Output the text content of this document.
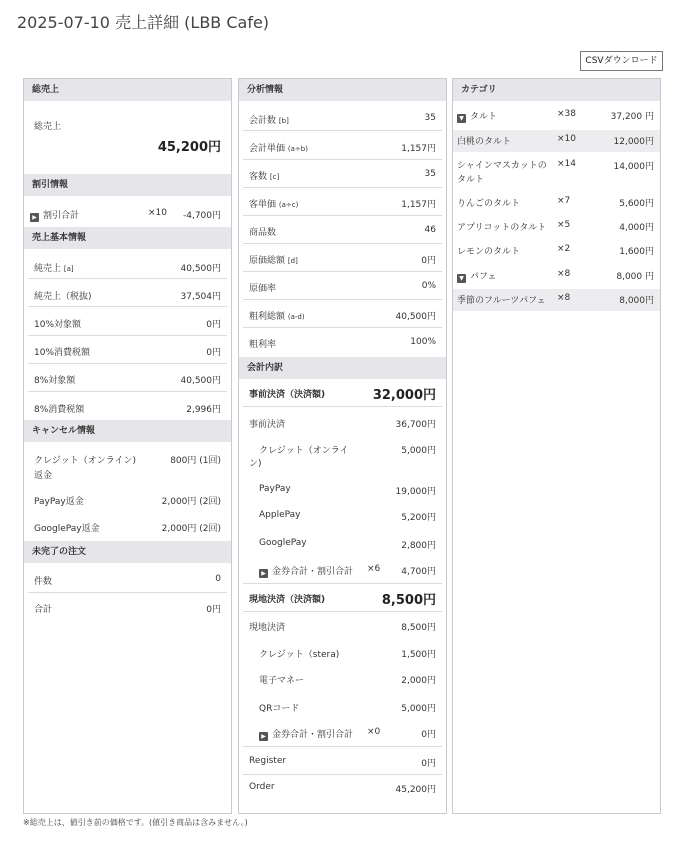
2025-07-10 売上詳細 (LBB Cafe)
CSVダウンロード
総売上
総売上
45,200円
割引情報
▶ 割引合計	×10 -4,700円
売上基本情報
純売上 [a]	40,500円
純売上（税抜)	37,504円
10%対象額	0円
10%消費税額	0円
8%対象額	40,500円
8%消費税額	2,996円
キャンセル情報
クレジット（オンライン)	800円 (1回)
返金
PayPay返金	2,000円 (2回)
GooglePay返金	2,000円 (2回)
未完了の注文
件数	0
合計	0円
分析情報
会計数 [b]	35
会計単価 (a÷b)	1,157円
客数 [c]	35
客単価 (a÷c)	1,157円
商品数	46
原価総額 [d]	0円
原価率	0%
粗利総額 (a-d)	40,500円
粗利率	100%
会計内訳
事前決済（決済額)	32,000円
事前決済	36,700円
クレジット（オンライ	5,000円
ン)
PayPay	19,000円
ApplePay	5,200円
GooglePay	2,800円
▶ 金券合計・割引合計 ×6 4,700円
現地決済（決済額)	8,500円
現地決済	8,500円
クレジット（stera)	1,500円
電子マネー	2,000円
QRコード	5,000円
▶ 金券合計・割引合計 ×0	0円
Register	0円
Order	45,200円
カテゴリ
▼ タルト	×38	37,200 円
白桃のタルト	×10	12,000円
シャインマスカットの
タルト
×14	14,000円
りんごのタルト	×7	5,600円
アプリコットのタルト ×5	4,000円
レモンのタルト	×2	1,600円
▼ パフェ	×8	8,000 円
季節のフルーツパフェ ×8	8,000円
※総売上は、値引き前の価格です。(値引き商品は含みません。)
